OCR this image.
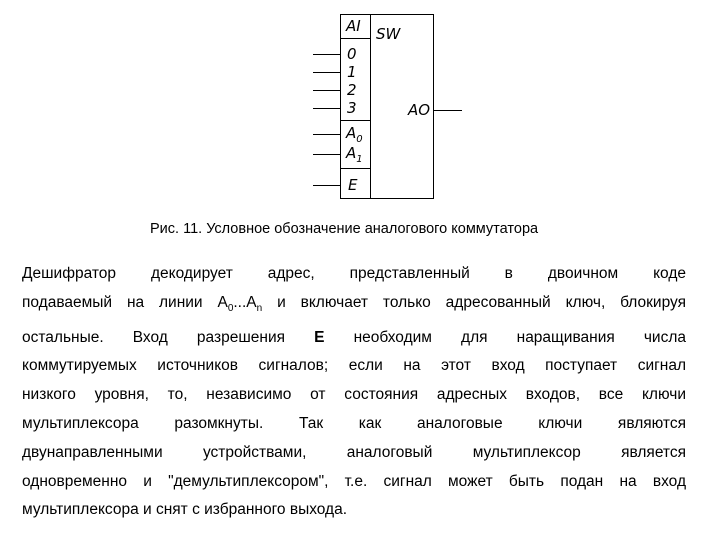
AI SW
0
1
2
3
$A_0$
$A_1$
E
AO
Рис. 11. Условное обозначение аналогового коммутатора
Дешифратор декодирует адрес, представленный в двоичном коде
подаваемый на линии $A_0...A_n$ и включает только адресованный ключ, блокируя
остальные. Вход разрешения E необходим для наращивания числа
коммутируемых источников сигналов; если на этот вход поступает сигнал
низкого уровня, то, независимо от состояния адресных входов, все ключи
мультиплексора разомкнуты. Так как аналоговые ключи являются
двунаправленными устройствами, аналоговый мультиплексор является
одновременно и "демультиплексором", т.е. сигнал может быть подан на вход
мультиплексора и снят с избранного выхода.
